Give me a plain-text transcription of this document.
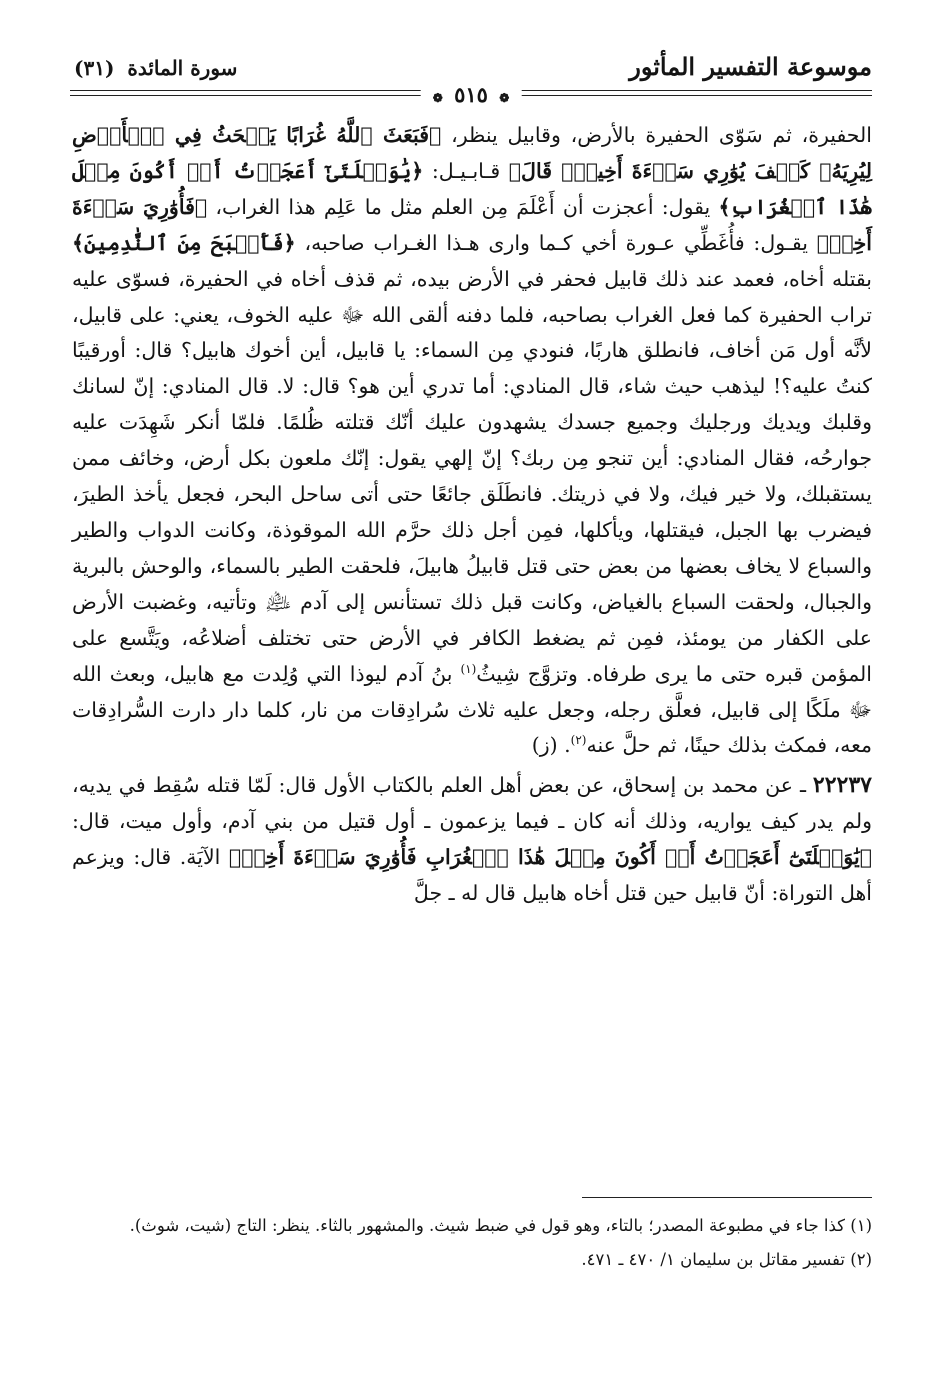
موسوعة التفسير المأثور
(٣١) سورة المائدة
❁ ٥١٥ ❁

الحفيرة، ثم سَوّى الحفيرة بالأرض، وقابيل ينظر، ﴿فَبَعَثَ ٱللَّهُ غُرَابًا يَبۡحَثُ فِي ٱلۡأَرۡضِ لِيُرِيَهُۥ كَيۡفَ يُوَٰرِي سَوۡءَةَ أَخِيهِۚ قَالَ﴾ قـابـيـل: ﴿يَٰوَيۡلَتَىٰٓ أَعَجَزۡتُ أَنۡ أَكُونَ مِثۡلَ هَٰذَا ٱلۡغُرَابِ﴾ يقول: أعجزت أن أَعْلَمَ مِن العلم مثل ما عَلِم هذا الغراب، ﴿فَأُوَٰرِيَ سَوۡءَةَ أَخِيۖ﴾ يقـول: فأُغَطِّي عـورة أخي كـما وارى هـذا الغـراب صاحبه، ﴿فَأَصۡبَحَ مِنَ ٱلنَّٰدِمِينَ﴾ بقتله أخاه، فعمد عند ذلك قابيل فحفر في الأرض بيده، ثم قذف أخاه في الحفيرة، فسوّى عليه تراب الحفيرة كما فعل الغراب بصاحبه، فلما دفنه ألقى الله ﷻ عليه الخوف، يعني: على قابيل، لأنَّه أول مَن أخاف، فانطلق هاربًا، فنودي مِن السماء: يا قابيل، أين أخوك هابيل؟ قال: أورقيبًا كنتُ عليه؟! ليذهب حيث شاء، قال المنادي: أما تدري أين هو؟ قال: لا. قال المنادي: إنّ لسانك وقلبك ويديك ورجليك وجميع جسدك يشهدون عليك أنّك قتلته ظُلمًا. فلمّا أنكر شَهِدَت عليه جوارحُه، فقال المنادي: أين تنجو مِن ربك؟ إنّ إلهي يقول: إنّك ملعون بكل أرض، وخائف ممن يستقبلك، ولا خير فيك، ولا في ذريتك. فانطَلَق جائعًا حتى أتى ساحل البحر، فجعل يأخذ الطيرَ، فيضرب بها الجبل، فيقتلها، ويأكلها، فمِن أجل ذلك حرَّم الله الموقوذة، وكانت الدواب والطير والسباع لا يخاف بعضها من بعض حتى قتل قابيلُ هابيلَ، فلحقت الطير بالسماء، والوحش بالبرية والجبال، ولحقت السباع بالغياض، وكانت قبل ذلك تستأنس إلى آدم ﵇ وتأتيه، وغضبت الأرض على الكفار من يومئذ، فمِن ثم يضغط الكافر في الأرض حتى تختلف أضلاعُه، ويَتَّسع على المؤمن قبره حتى ما يرى طرفاه. وتزوَّج شِيثُ$^{(١)}$ بنُ آدم ليوذا التي وُلِدت مع هابيل، وبعث الله ﷻ ملَكًا إلى قابيل، فعلَّق رجله، وجعل عليه ثلاث سُرادِقات من نار، كلما دار دارت السُّرادِقات معه، فمكث بذلك حينًا، ثم حلَّ عنه$^{(٢)}$. (ز)

٢٢٢٣٧ ـ عن محمد بن إسحاق، عن بعض أهل العلم بالكتاب الأول قال: لَمّا قتله سُقِط في يديه، ولم يدر كيف يواريه، وذلك أنه كان ـ فيما يزعمون ـ أول قتيل من بني آدم، وأول ميت، قال: ﴿يَٰوَيۡلَتَىٰٓ أَعَجَزۡتُ أَنۡ أَكُونَ مِثۡلَ هَٰذَا ٱلۡغُرَابِ فَأُوَٰرِيَ سَوۡءَةَ أَخِيۖ﴾ الآيَة. قال: ويزعم أهل التوراة: أنّ قابيل حين قتل أخاه هابيل قال له ـ جلَّ

(١) كذا جاء في مطبوعة المصدر؛ بالتاء، وهو قول في ضبط شيث. والمشهور بالثاء. ينظر: التاج (شيت، شوث).

(٢) تفسير مقاتل بن سليمان ١/ ٤٧٠ ـ ٤٧١.
